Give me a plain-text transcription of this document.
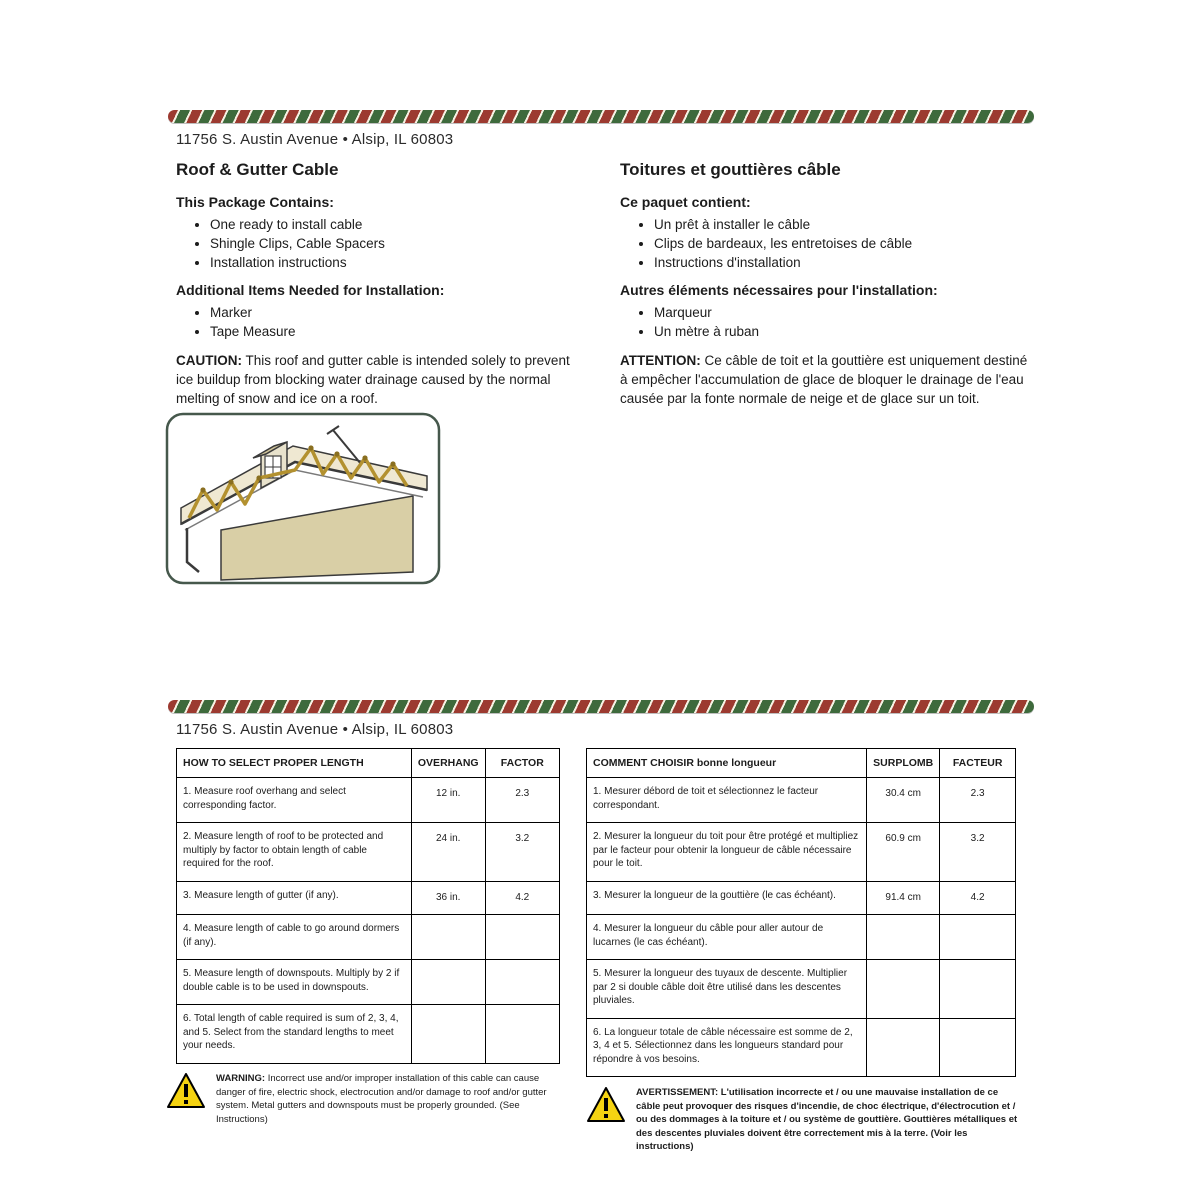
11756 S. Austin Avenue • Alsip, IL 60803
Roof & Gutter Cable
This Package Contains:
• One ready to install cable
• Shingle Clips, Cable Spacers
• Installation instructions
Additional Items Needed for Installation:
• Marker
• Tape Measure

CAUTION: This roof and gutter cable is intended solely to prevent ice buildup from blocking water drainage caused by the normal melting of snow and ice on a roof.

Toitures et gouttières câble
Ce paquet contient:
• Un prêt à installer le câble
• Clips de bardeaux, les entretoises de câble
• Instructions d'installation
Autres éléments nécessaires pour l'installation:
• Marqueur
• Un mètre à ruban

ATTENTION: Ce câble de toit et la gouttière est uniquement destiné à empêcher l'accumulation de glace de bloquer le drainage de l'eau causée par la fonte normale de neige et de glace sur un toit.

11756 S. Austin Avenue • Alsip, IL 60803
HOW TO SELECT PROPER LENGTH	OVERHANG	FACTOR
1. Measure roof overhang and select corresponding factor.	12 in.	2.3
2. Measure length of roof to be protected and multiply by factor to obtain length of cable required for the roof.	24 in.	3.2
3. Measure length of gutter (if any).	36 in.	4.2
4. Measure length of cable to go around dormers (if any).		
5. Measure length of downspouts. Multiply by 2 if double cable is to be used in downspouts.		
6. Total length of cable required is sum of 2, 3, 4, and 5. Select from the standard lengths to meet your needs.		
COMMENT CHOISIR bonne longueur	SURPLOMB	FACTEUR
1. Mesurer débord de toit et sélectionnez le facteur correspondant.	30.4 cm	2.3
2. Mesurer la longueur du toit pour être protégé et multipliez par le facteur pour obtenir la longueur de câble nécessaire pour le toit.	60.9 cm	3.2
3. Mesurer la longueur de la gouttière (le cas échéant).	91.4 cm	4.2
4. Mesurer la longueur du câble pour aller autour de lucarnes (le cas échéant).		
5. Mesurer la longueur des tuyaux de descente. Multiplier par 2 si double câble doit être utilisé dans les descentes pluviales.		
6. La longueur totale de câble nécessaire est somme de 2, 3, 4 et 5. Sélectionnez dans les longueurs standard pour répondre à vos besoins.		
WARNING: Incorrect use and/or improper installation of this cable can cause danger of fire, electric shock, electrocution and/or damage to roof and/or gutter system. Metal gutters and downspouts must be properly grounded. (See Instructions)
AVERTISSEMENT: L'utilisation incorrecte et / ou une mauvaise installation de ce câble peut provoquer des risques d'incendie, de choc électrique, d'électrocution et / ou des dommages à la toiture et / ou système de gouttière. Gouttières métalliques et des descentes pluviales doivent être correctement mis à la terre. (Voir les instructions)
